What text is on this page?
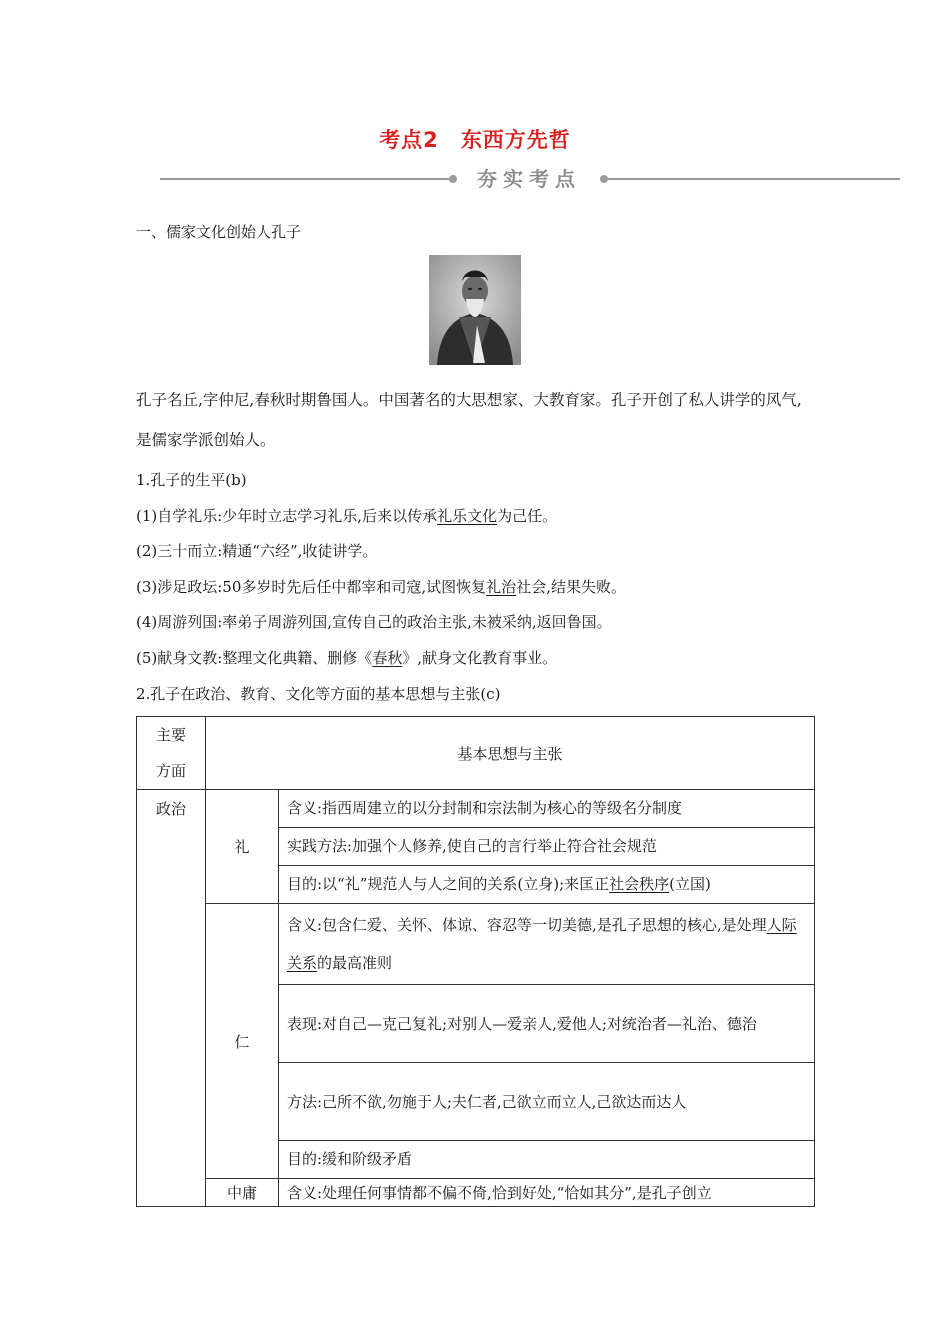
考点2 东西方先哲
夯实考点
一、儒家文化创始人孔子
孔子名丘,字仲尼,春秋时期鲁国人。中国著名的大思想家、大教育家。孔子开创了私人讲学的风气,是儒家学派创始人。
1.孔子的生平(b)
(1)自学礼乐:少年时立志学习礼乐,后来以传承礼乐文化为己任。
(2)三十而立:精通“六经”,收徒讲学。
(3)涉足政坛:50多岁时先后任中都宰和司寇,试图恢复礼治社会,结果失败。
(4)周游列国:率弟子周游列国,宣传自己的政治主张,未被采纳,返回鲁国。
(5)献身文教:整理文化典籍、删修《春秋》,献身文化教育事业。
2.孔子在政治、教育、文化等方面的基本思想与主张(c)
主要
方面	基本思想与主张	
政治	礼	含义:指西周建立的以分封制和宗法制为核心的等级名分制度
		实践方法:加强个人修养,使自己的言行举止符合社会规范
		目的:以“礼”规范人与人之间的关系(立身);来匡正社会秩序(立国)
	仁	含义:包含仁爱、关怀、体谅、容忍等一切美德,是孔子思想的核心,是处理人际关系的最高准则
		表现:对自己—克己复礼;对别人—爱亲人,爱他人;对统治者—礼治、德治
		方法:己所不欲,勿施于人;夫仁者,己欲立而立人,己欲达而达人
		目的:缓和阶级矛盾
	中庸	含义:处理任何事情都不偏不倚,恰到好处,“恰如其分”,是孔子创立
